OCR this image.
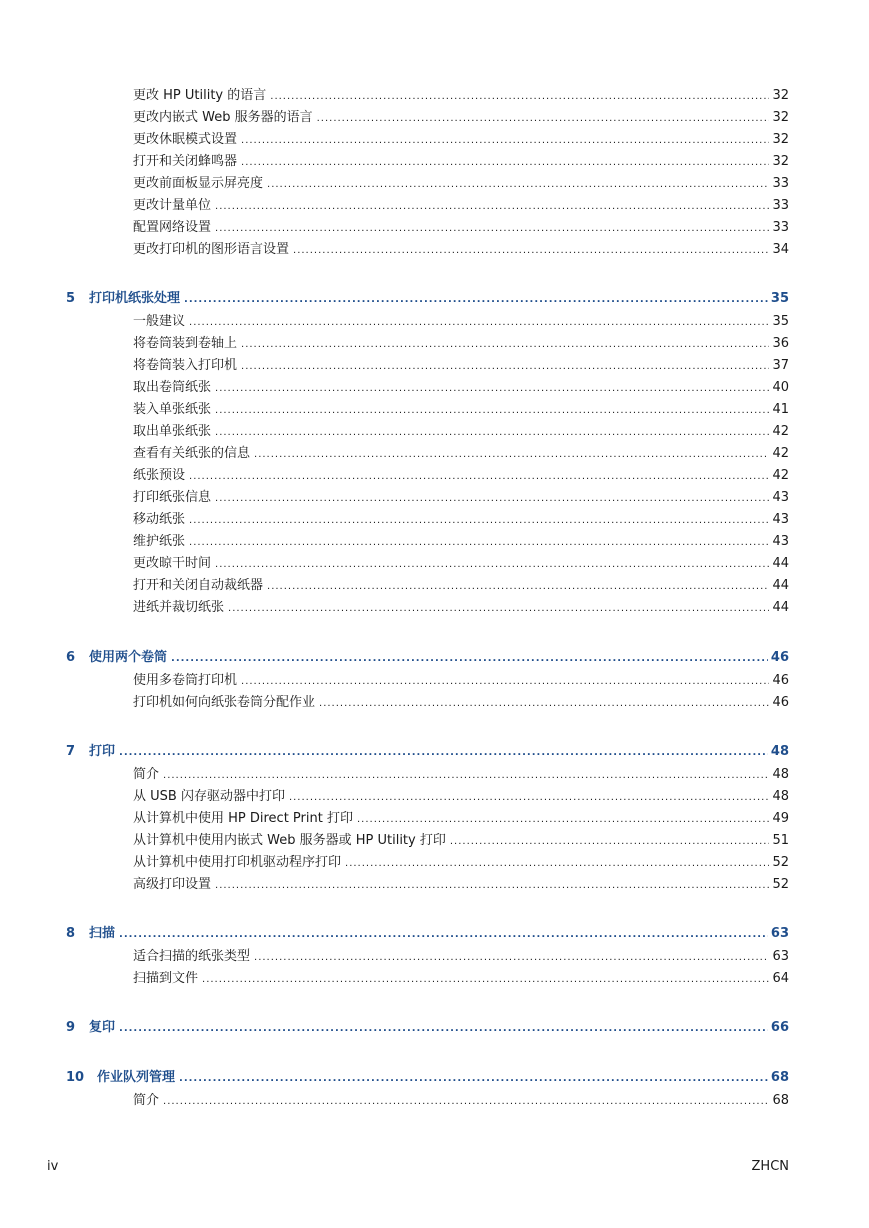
更改 HP Utility 的语言 .....	32
更改内嵌式 Web 服务器的语言 .....	32
更改休眠模式设置 .....	32
打开和关闭蜂鸣器 .....	32
更改前面板显示屏亮度 .....	33
更改计量单位 .....	33
配置网络设置 .....	33
更改打印机的图形语言设置 .....	34
5	打印机纸张处理 .....	35
一般建议 .....	35
将卷筒装到卷轴上 .....	36
将卷筒装入打印机 .....	37
取出卷筒纸张 .....	40
装入单张纸张 .....	41
取出单张纸张 .....	42
查看有关纸张的信息 .....	42
纸张预设 .....	42
打印纸张信息 .....	43
移动纸张 .....	43
维护纸张 .....	43
更改晾干时间 .....	44
打开和关闭自动裁纸器 .....	44
进纸并裁切纸张 .....	44
6	使用两个卷筒 .....	46
使用多卷筒打印机 .....	46
打印机如何向纸张卷筒分配作业 .....	46
7	打印 .....	48
简介 .....	48
从 USB 闪存驱动器中打印 .....	48
从计算机中使用 HP Direct Print 打印 .....	49
从计算机中使用内嵌式 Web 服务器或 HP Utility 打印 .....	51
从计算机中使用打印机驱动程序打印 .....	52
高级打印设置 .....	52
8	扫描 .....	63
适合扫描的纸张类型 .....	63
扫描到文件 .....	64
9	复印 .....	66
10 作业队列管理 .....	68
简介 .....	68
iv	ZHCN
